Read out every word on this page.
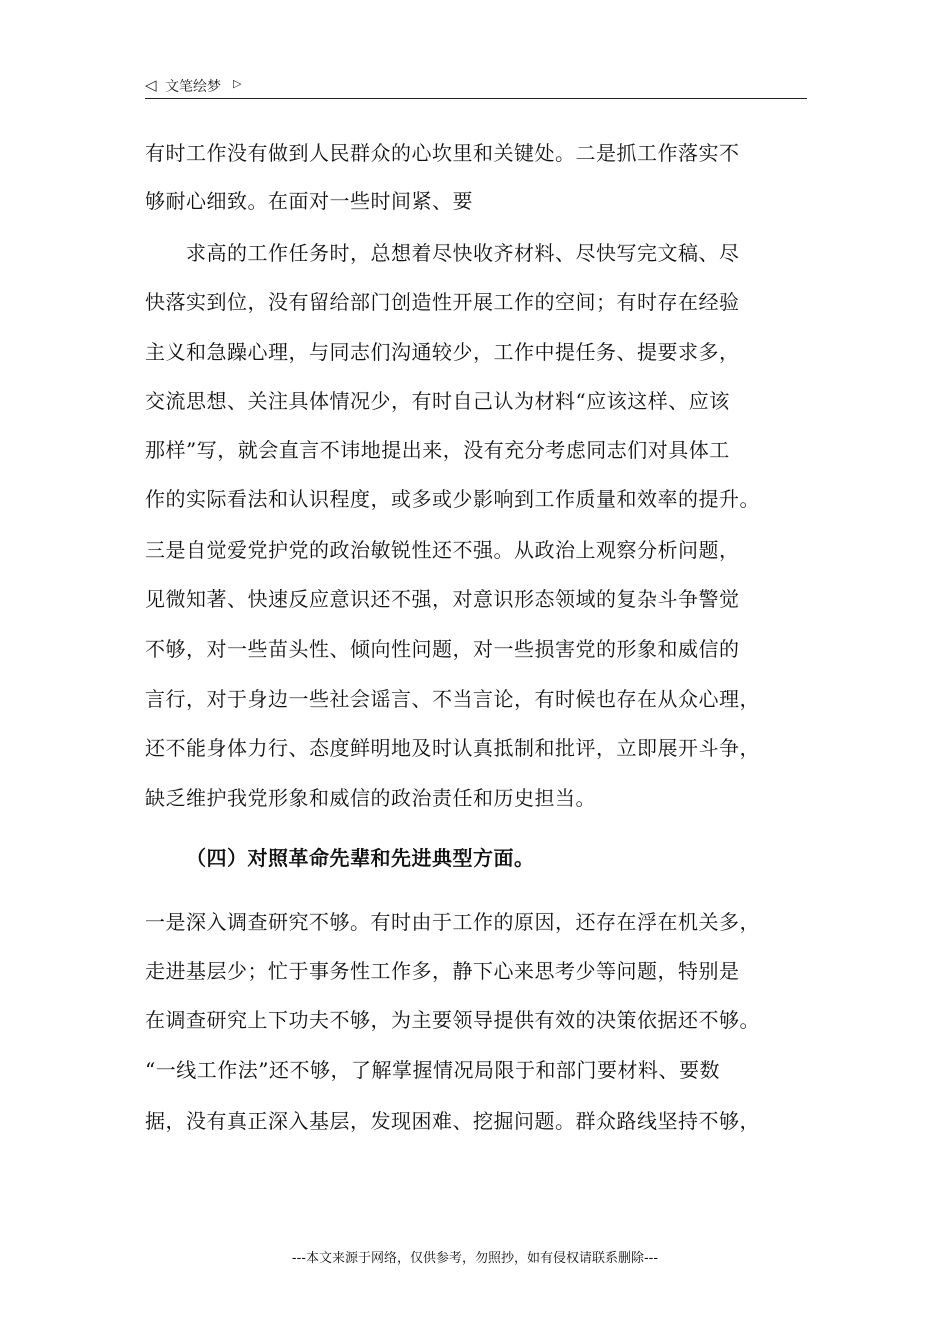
◁ 文笔绘梦 ▷
有时工作没有做到人民群众的心坎里和关键处。二是抓工作落实不
够耐心细致。在面对一些时间紧、要
求高的工作任务时，总想着尽快收齐材料、尽快写完文稿、尽
快落实到位，没有留给部门创造性开展工作的空间；有时存在经验
主义和急躁心理，与同志们沟通较少，工作中提任务、提要求多，
交流思想、关注具体情况少，有时自己认为材料“应该这样、应该
那样”写，就会直言不讳地提出来，没有充分考虑同志们对具体工
作的实际看法和认识程度，或多或少影响到工作质量和效率的提升。
三是自觉爱党护党的政治敏锐性还不强。从政治上观察分析问题，
见微知著、快速反应意识还不强，对意识形态领域的复杂斗争警觉
不够，对一些苗头性、倾向性问题，对一些损害党的形象和威信的
言行，对于身边一些社会谣言、不当言论，有时候也存在从众心理，
还不能身体力行、态度鲜明地及时认真抵制和批评，立即展开斗争，
缺乏维护我党形象和威信的政治责任和历史担当。
（四）对照革命先辈和先进典型方面。
一是深入调查研究不够。有时由于工作的原因，还存在浮在机关多，
走进基层少；忙于事务性工作多，静下心来思考少等问题，特别是
在调查研究上下功夫不够，为主要领导提供有效的决策依据还不够。
“一线工作法”还不够，了解掌握情况局限于和部门要材料、要数
据，没有真正深入基层，发现困难、挖掘问题。群众路线坚持不够，
---本文来源于网络，仅供参考，勿照抄，如有侵权请联系删除---
